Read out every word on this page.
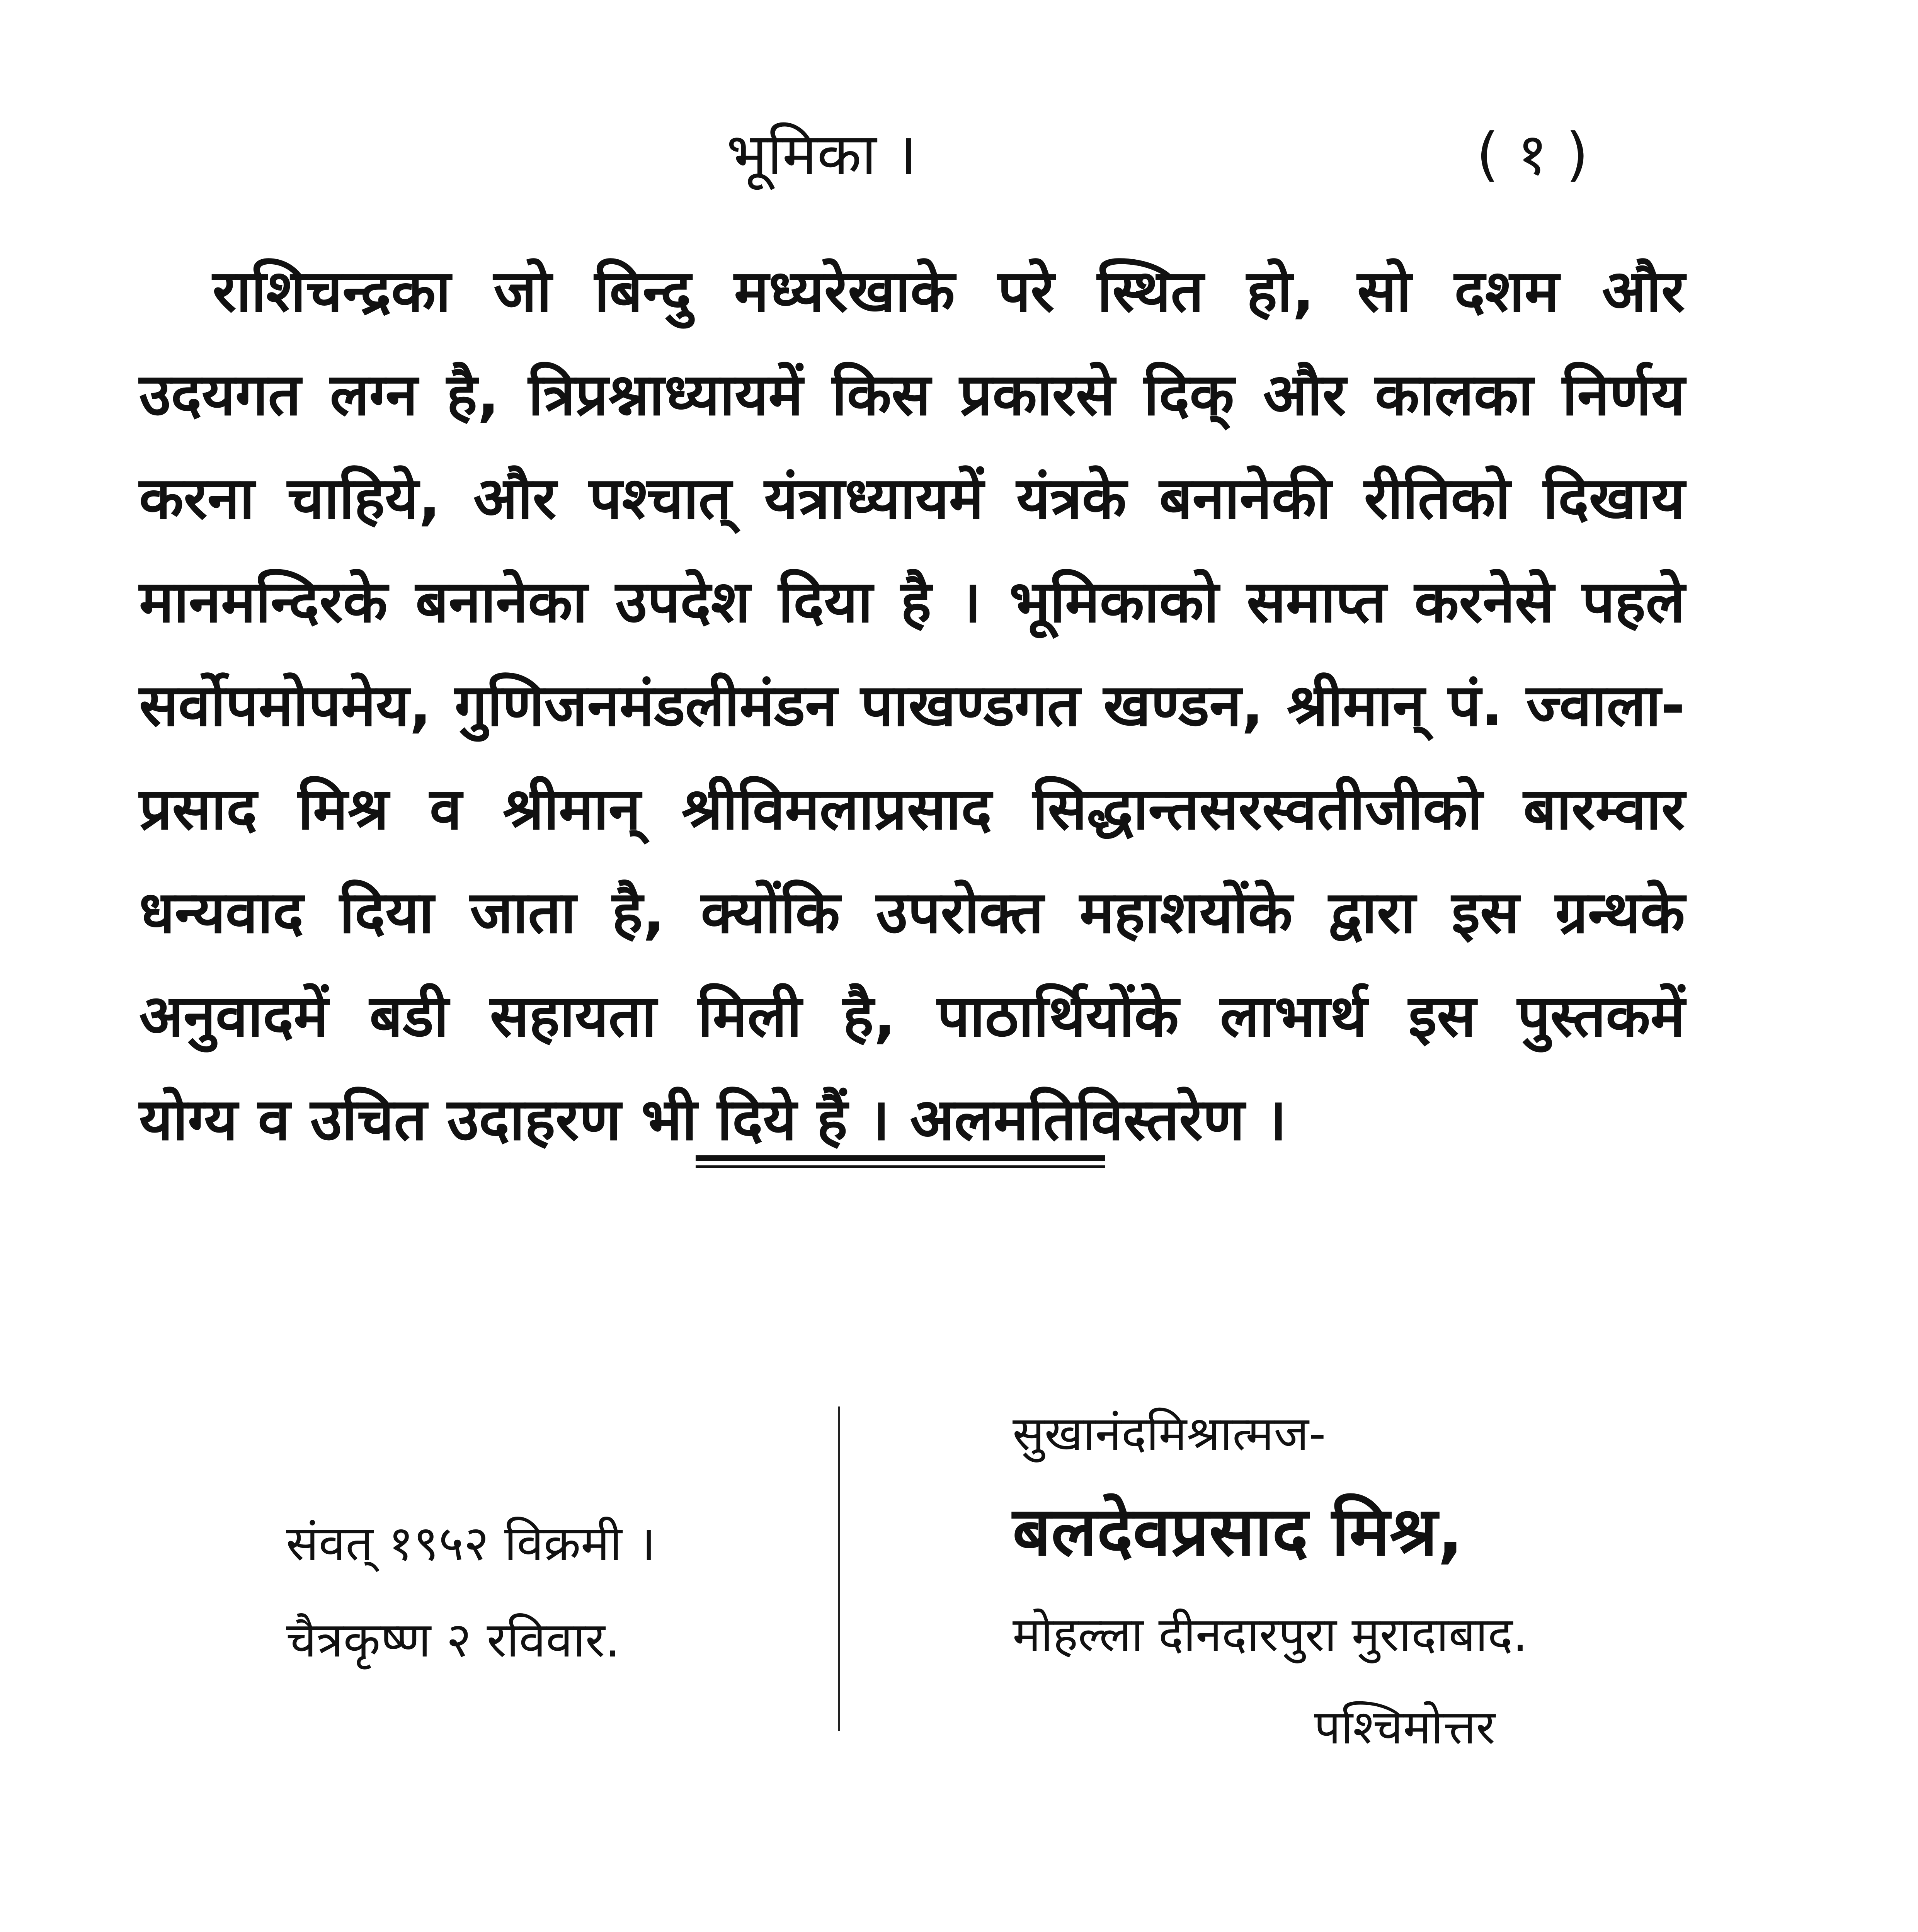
भूमिका ।	( १ )
राशिचन्द्रका जो बिन्दु मध्यरेखाके परे स्थित हो, सो दशम और
उदयगत लग्न है, त्रिप्रश्नाध्यायमें किस प्रकारसे दिक् और कालका निर्णय
करना चाहिये, और पश्चात् यंत्राध्यायमें यंत्रके बनानेकी रीतिको दिखाय
मानमन्दिरके बनानेका उपदेश दिया है । भूमिकाको समाप्त करनेसे पहले
सर्वोपमोपमेय, गुणिजनमंडलीमंडन पाखण्डगत खण्डन, श्रीमान् पं. ज्वाला-
प्रसाद मिश्र व श्रीमान् श्रीविमलाप्रसाद सिद्धान्तसरस्वतीजीको बारम्वार
धन्यवाद दिया जाता है, क्योंकि उपरोक्त महाशयोंके द्वारा इस ग्रन्थके
अनुवादमें बडी सहायता मिली है, पाठार्थियोंके लाभार्थ इस पुस्तकमें
योग्य व उचित उदाहरण भी दिये हैं । अलमतिविस्तरेण ।
संवत् १९५२ विक्रमी ।
चैत्रकृष्ण २ रविवार.
सुखानंदमिश्रात्मज-
बलदेवप्रसाद मिश्र,
मोहल्ला दीनदारपुरा मुरादाबाद.
पश्चिमोत्तर
